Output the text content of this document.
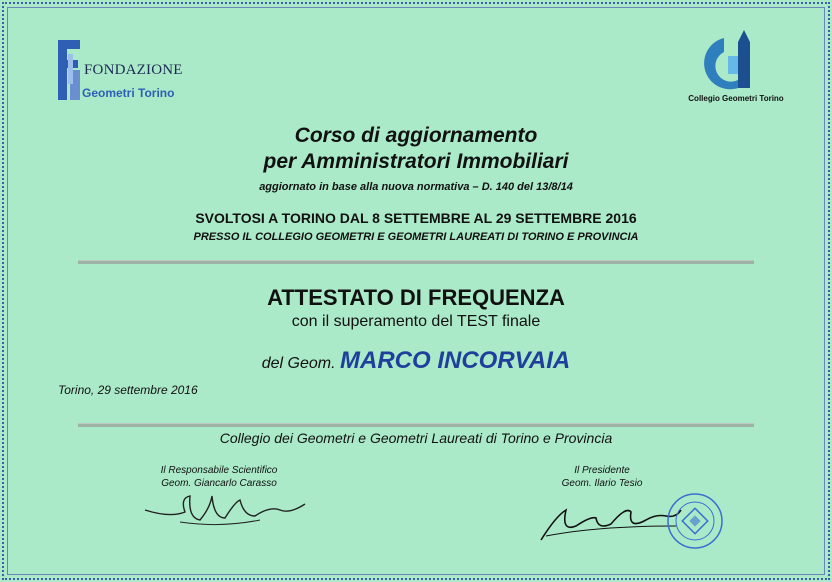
FONDAZIONE
Geometri Torino	Collegio Geometri Torino
Corso di aggiornamento
per Amministratori Immobiliari
aggiornato in base alla nuova normativa – D. 140 del 13/8/14
SVOLTOSI A TORINO DAL 8 SETTEMBRE AL 29 SETTEMBRE 2016
PRESSO IL COLLEGIO GEOMETRI E GEOMETRI LAUREATI DI TORINO E PROVINCIA
ATTESTATO DI FREQUENZA
con il superamento del TEST finale
del Geom. MARCO INCORVAIA
Torino, 29 settembre 2016
Collegio dei Geometri e Geometri Laureati di Torino e Provincia
Il Responsabile Scientifico
Geom. Giancarlo Carasso
Il Presidente
Geom. Ilario Tesio
